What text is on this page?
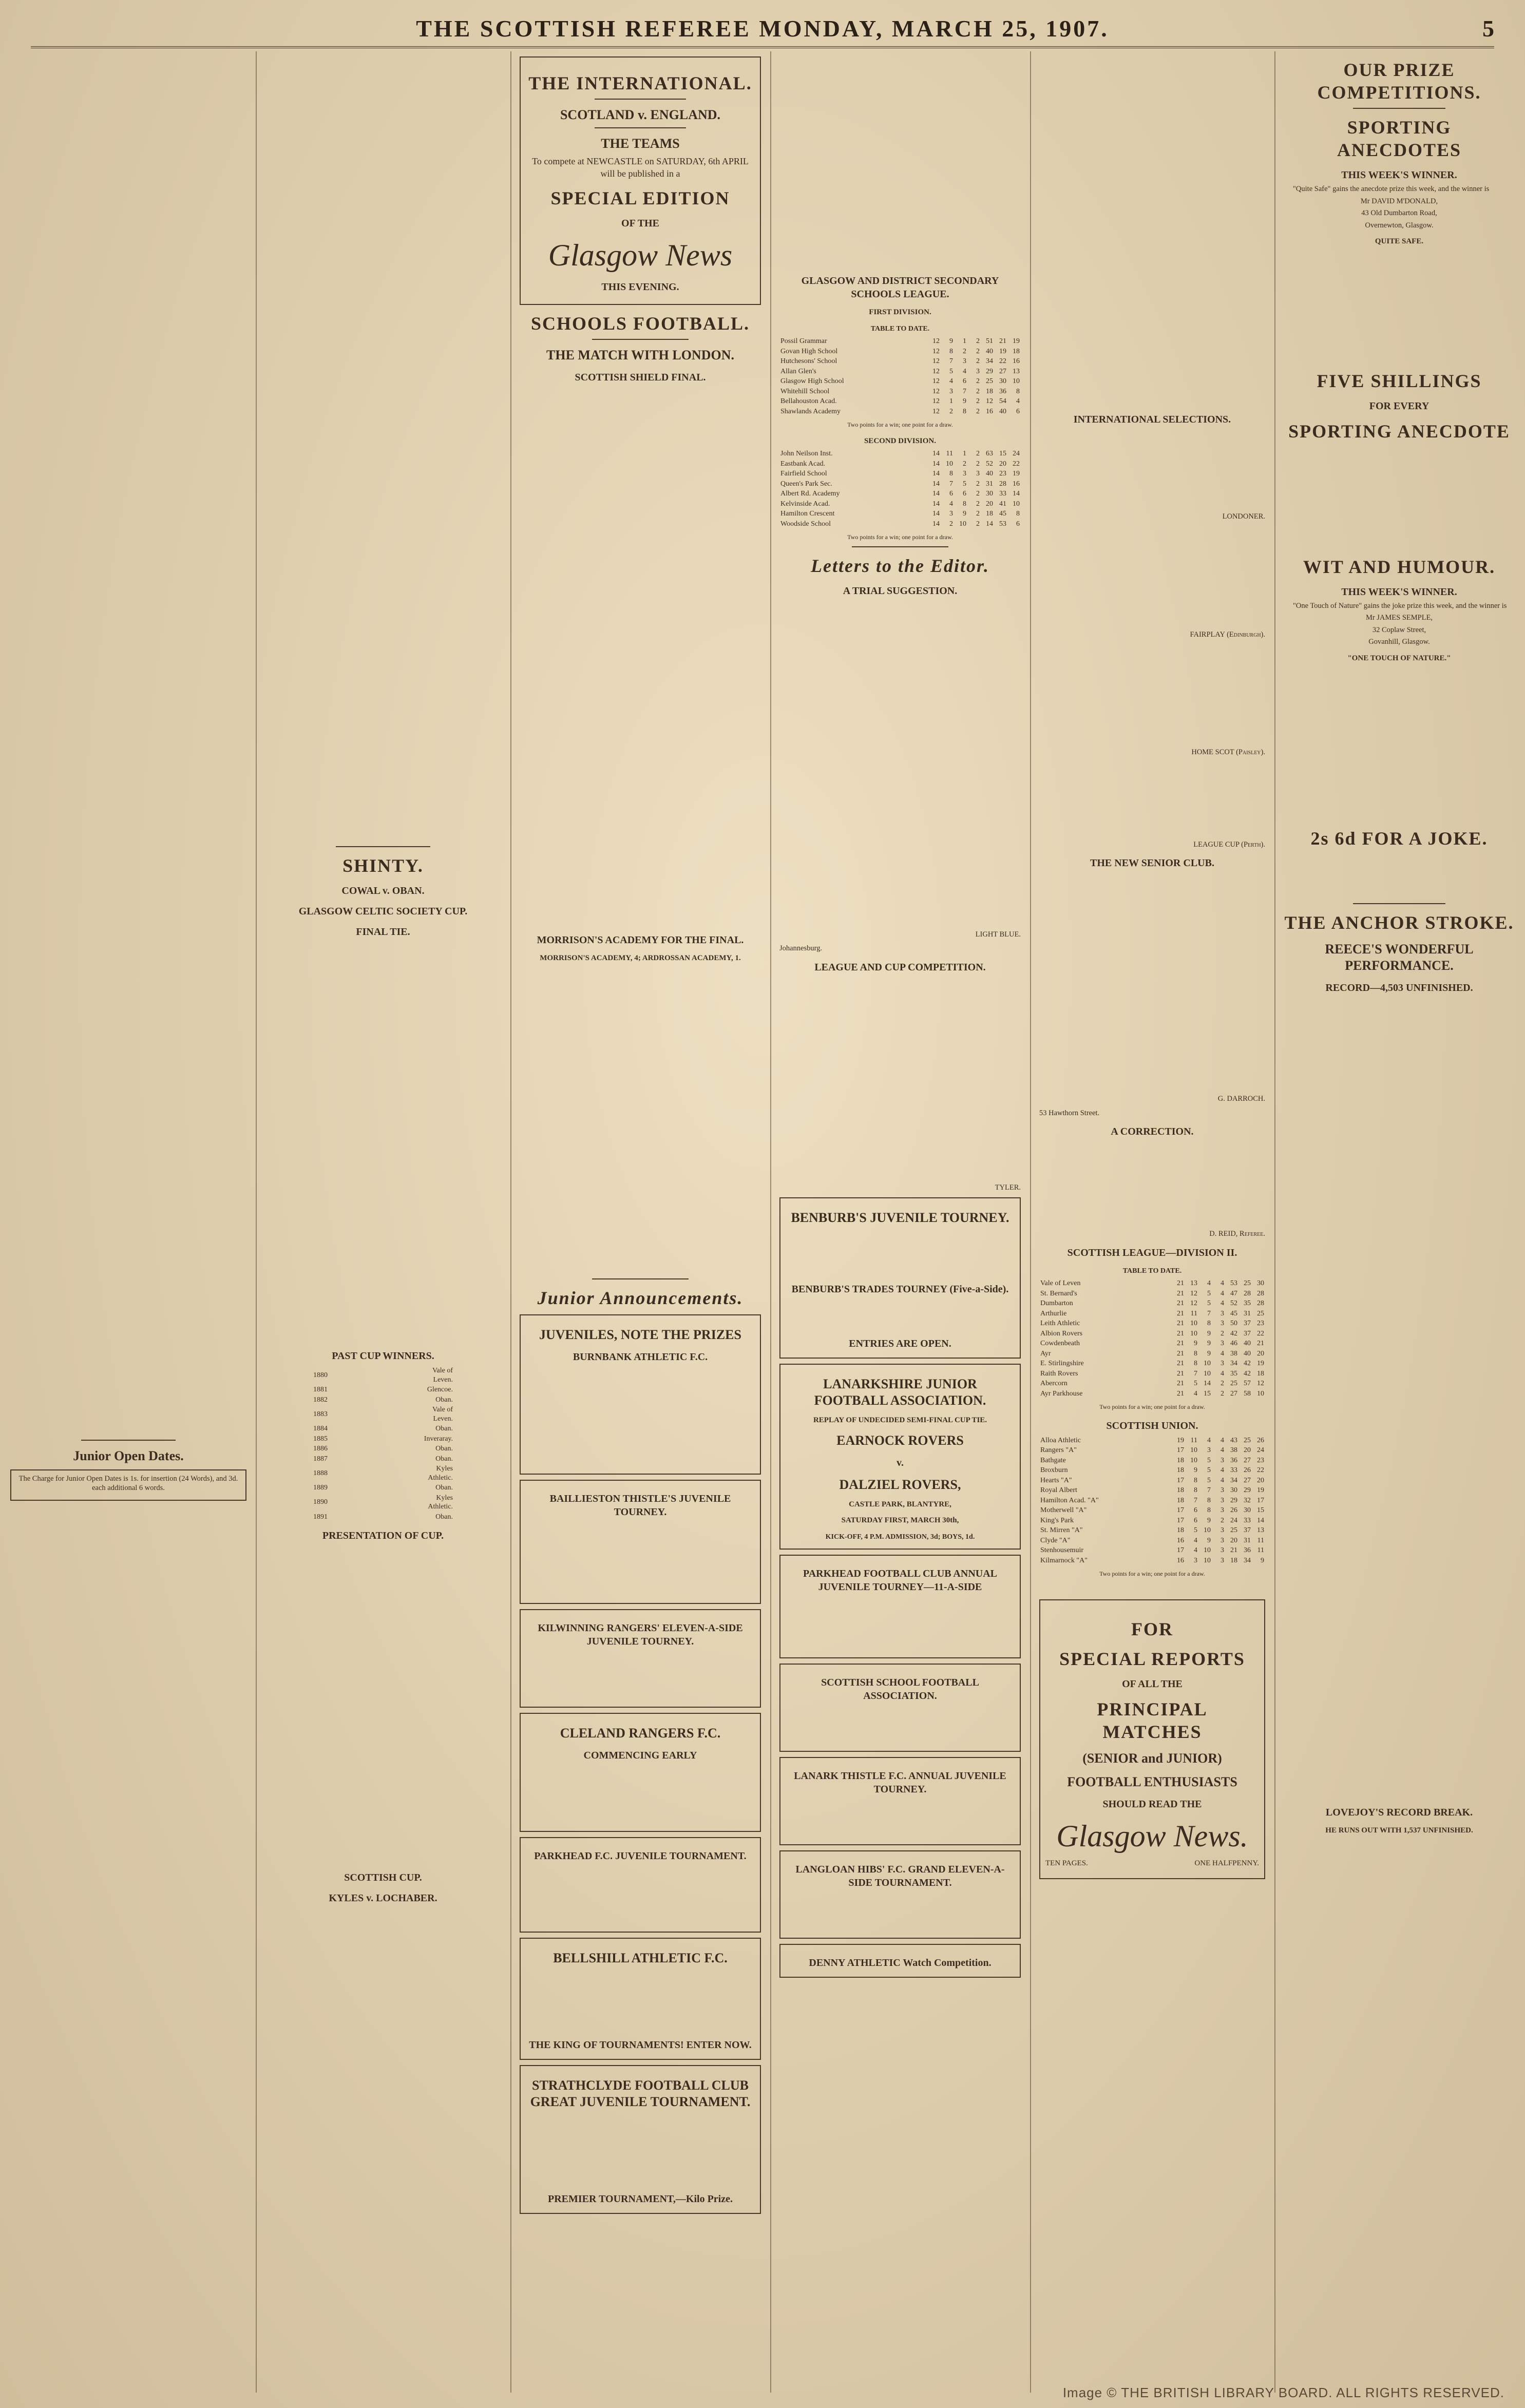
THE SCOTTISH REFEREE MONDAY, MARCH 25, 1907.	5

Junior Open Dates.

The Charge for Junior Open Dates is 1s. for insertion (24 Words), and 3d. each additional 6 words.

SHINTY.
COWAL v. OBAN.
GLASGOW CELTIC SOCIETY CUP.
FINAL TIE.
PAST CUP WINNERS.
1880	Vale of Leven.
1881	Glencoe.
1882	Oban.
1883	Vale of Leven.
1884	Oban.
1885	Inveraray.
1886	Oban.
1887	Oban.
1888	Kyles Athletic.
1889	Oban.
1890	Kyles Athletic.
1891	Oban.
PRESENTATION OF CUP.
SCOTTISH CUP.
KYLES v. LOCHABER.
THE INTERNATIONAL.
SCOTLAND v. ENGLAND.
THE TEAMS

To compete at NEWCASTLE on SATURDAY, 6th APRIL will be published in a

SPECIAL EDITION
OF THE
Glasgow News
THIS EVENING.
SCHOOLS FOOTBALL.
THE MATCH WITH LONDON.
SCOTTISH SHIELD FINAL.
MORRISON'S ACADEMY FOR THE FINAL.
MORRISON'S ACADEMY, 4; ARDROSSAN ACADEMY, 1.
Junior Announcements.
JUVENILES, NOTE THE PRIZES
BURNBANK ATHLETIC F.C.
BAILLIESTON THISTLE'S JUVENILE TOURNEY.
KILWINNING RANGERS' ELEVEN-A-SIDE JUVENILE TOURNEY.
CLELAND RANGERS F.C.
COMMENCING EARLY
PARKHEAD F.C. JUVENILE TOURNAMENT.
BELLSHILL ATHLETIC F.C.
THE KING OF TOURNAMENTS! ENTER NOW.
STRATHCLYDE FOOTBALL CLUB GREAT JUVENILE TOURNAMENT.
PREMIER TOURNAMENT,—Kilo Prize.
GLASGOW AND DISTRICT SECONDARY SCHOOLS LEAGUE.
FIRST DIVISION.
TABLE TO DATE.
Possil Grammar	12	9	1	2	51	21	19
Govan High School	12	8	2	2	40	19	18
Hutchesons' School	12	7	3	2	34	22	16
Allan Glen's	12	5	4	3	29	27	13
Glasgow High School	12	4	6	2	25	30	10
Whitehill School	12	3	7	2	18	36	8
Bellahouston Acad.	12	1	9	2	12	54	4
Shawlands Academy	12	2	8	2	16	40	6

Two points for a win; one point for a draw.

SECOND DIVISION.
John Neilson Inst.	14	11	1	2	63	15	24
Eastbank Acad.	14	10	2	2	52	20	22
Fairfield School	14	8	3	3	40	23	19
Queen's Park Sec.	14	7	5	2	31	28	16
Albert Rd. Academy	14	6	6	2	30	33	14
Kelvinside Acad.	14	4	8	2	20	41	10
Hamilton Crescent	14	3	9	2	18	45	8
Woodside School	14	2	10	2	14	53	6

Two points for a win; one point for a draw.

Letters to the Editor.
A TRIAL SUGGESTION.
LIGHT BLUE.

Johannesburg.

LEAGUE AND CUP COMPETITION.
TYLER.
BENBURB'S JUVENILE TOURNEY.
BENBURB'S TRADES TOURNEY (Five-a-Side).
ENTRIES ARE OPEN.
LANARKSHIRE JUNIOR FOOTBALL ASSOCIATION.
REPLAY OF UNDECIDED SEMI-FINAL CUP TIE.
EARNOCK ROVERS
v.
DALZIEL ROVERS,
CASTLE PARK, BLANTYRE,
SATURDAY FIRST, MARCH 30th,
KICK-OFF, 4 P.M. ADMISSION, 3d; BOYS, 1d.
PARKHEAD FOOTBALL CLUB ANNUAL JUVENILE TOURNEY—11-A-SIDE
SCOTTISH SCHOOL FOOTBALL ASSOCIATION.
LANARK THISTLE F.C. ANNUAL JUVENILE TOURNEY.
LANGLOAN HIBS' F.C. GRAND ELEVEN-A-SIDE TOURNAMENT.
DENNY ATHLETIC Watch Competition.
INTERNATIONAL SELECTIONS.
LONDONER.
FAIRPLAY (Edinburgh).
HOME SCOT (Paisley).
LEAGUE CUP (Perth).
THE NEW SENIOR CLUB.
G. DARROCH.

53 Hawthorn Street.

A CORRECTION.
D. REID, Referee.
SCOTTISH LEAGUE—DIVISION II.
TABLE TO DATE.
Vale of Leven	21	13	4	4	53	25	30
St. Bernard's	21	12	5	4	47	28	28
Dumbarton	21	12	5	4	52	35	28
Arthurlie	21	11	7	3	45	31	25
Leith Athletic	21	10	8	3	50	37	23
Albion Rovers	21	10	9	2	42	37	22
Cowdenbeath	21	9	9	3	46	40	21
Ayr	21	8	9	4	38	40	20
E. Stirlingshire	21	8	10	3	34	42	19
Raith Rovers	21	7	10	4	35	42	18
Abercorn	21	5	14	2	25	57	12
Ayr Parkhouse	21	4	15	2	27	58	10

Two points for a win; one point for a draw.

SCOTTISH UNION.
Alloa Athletic	19	11	4	4	43	25	26
Rangers "A"	17	10	3	4	38	20	24
Bathgate	18	10	5	3	36	27	23
Broxburn	18	9	5	4	33	26	22
Hearts "A"	17	8	5	4	34	27	20
Royal Albert	18	8	7	3	30	29	19
Hamilton Acad. "A"	18	7	8	3	29	32	17
Motherwell "A"	17	6	8	3	26	30	15
King's Park	17	6	9	2	24	33	14
St. Mirren "A"	18	5	10	3	25	37	13
Clyde "A"	16	4	9	3	20	31	11
Stenhousemuir	17	4	10	3	21	36	11
Kilmarnock "A"	16	3	10	3	18	34	9

Two points for a win; one point for a draw.

FOR
SPECIAL REPORTS
OF ALL THE
PRINCIPAL MATCHES
(SENIOR and JUNIOR)
FOOTBALL ENTHUSIASTS
SHOULD READ THE
Glasgow News.
TEN PAGES.	ONE HALFPENNY.
OUR PRIZE COMPETITIONS.
SPORTING ANECDOTES
THIS WEEK'S WINNER.

"Quite Safe" gains the anecdote prize this week, and the winner is

Mr DAVID M'DONALD,

43 Old Dumbarton Road,

Overnewton, Glasgow.

QUITE SAFE.
FIVE SHILLINGS
FOR EVERY
SPORTING ANECDOTE
WIT AND HUMOUR.
THIS WEEK'S WINNER.

"One Touch of Nature" gains the joke prize this week, and the winner is

Mr JAMES SEMPLE,

32 Coplaw Street,

Govanhill, Glasgow.

"ONE TOUCH OF NATURE."
2s 6d FOR A JOKE.
THE ANCHOR STROKE.
REECE'S WONDERFUL PERFORMANCE.
RECORD—4,503 UNFINISHED.
LOVEJOY'S RECORD BREAK.
HE RUNS OUT WITH 1,537 UNFINISHED.
Image © THE BRITISH LIBRARY BOARD. ALL RIGHTS RESERVED.
